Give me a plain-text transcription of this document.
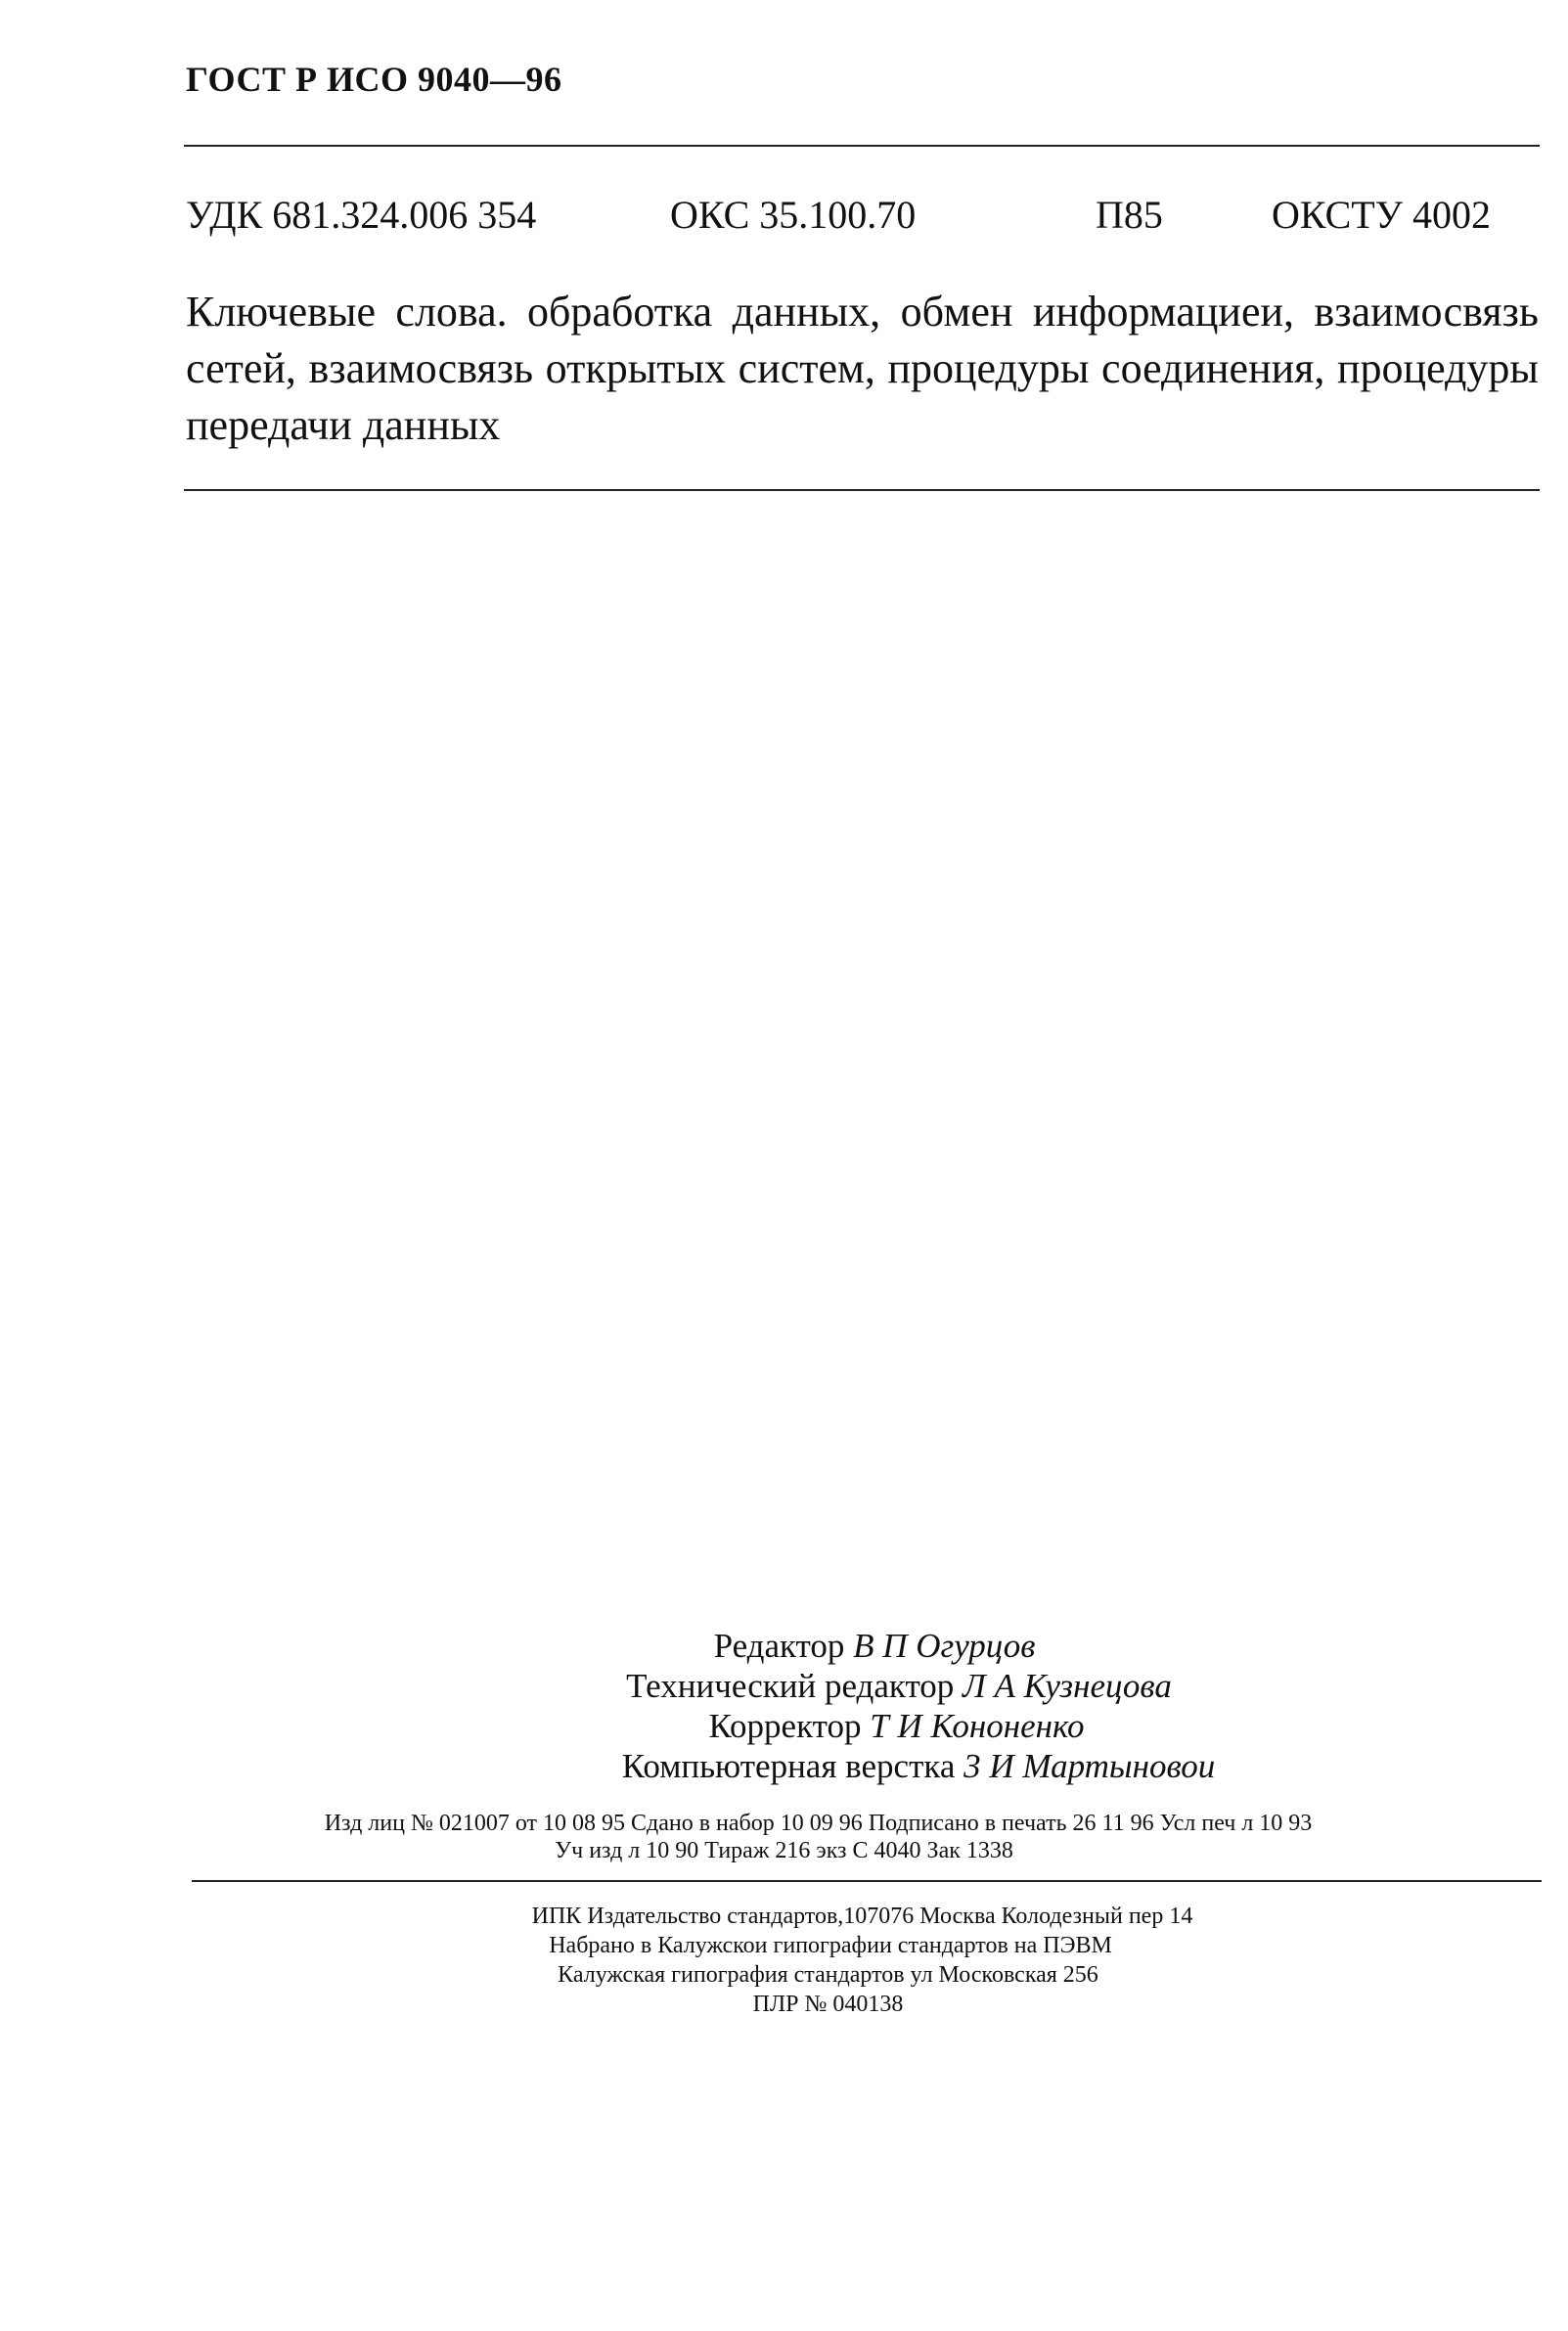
ГОСТ Р ИСО 9040—96
УДК 681.324.006 354	ОКС 35.100.70	П85	ОКСТУ 4002
Ключевые слова. обработка данных, обмен информациеи, взаимосвязь сетей, взаимосвязь открытых систем, процедуры соединения, процедуры передачи данных
Редактор В П Огурцов
Технический редактор Л А Кузнецова
Корректор Т И Кононенко
Компьютерная верстка 3 И Мартыновои
Изд лиц № 021007 от 10 08 95 Сдано в набор 10 09 96 Подписано в печать 26 11 96 Усл печ л 10 93
Уч изд л 10 90 Тираж 216 экз С 4040 Зак 1338
ИПК Издательство стандартов,107076 Москва Колодезный пер 14
Набрано в Калужскои гипографии стандартов на ПЭВМ
Калужская гипография стандартов ул Московская 256
ПЛР № 040138
